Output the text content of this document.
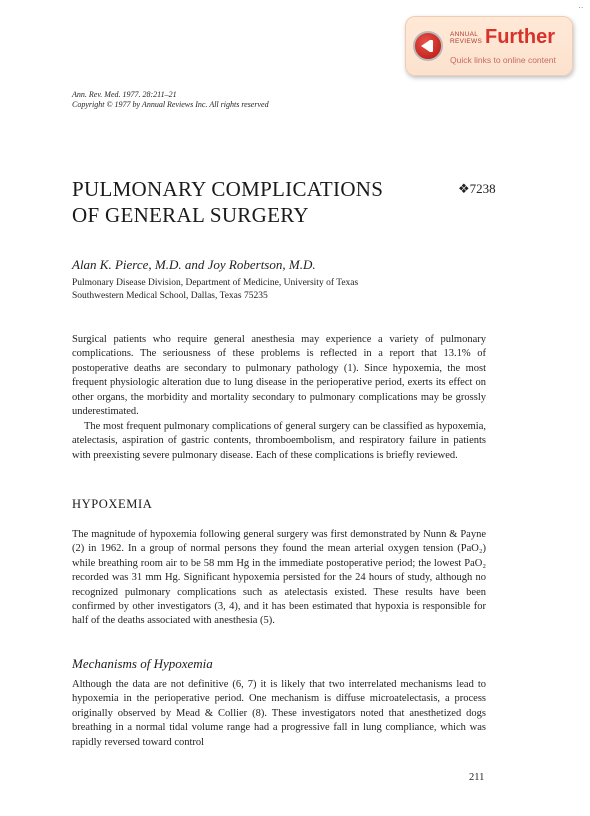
..
ANNUAL
REVIEWS Further
Quick links to online content
Ann. Rev. Med. 1977. 28:211–21
Copyright © 1977 by Annual Reviews Inc. All rights reserved
PULMONARY COMPLICATIONS
OF GENERAL SURGERY
❖7238
Alan K. Pierce, M.D. and Joy Robertson, M.D.
Pulmonary Disease Division, Department of Medicine, University of Texas
Southwestern Medical School, Dallas, Texas 75235

Surgical patients who require general anesthesia may experience a variety of pulmonary complications. The seriousness of these problems is reflected in a report that 13.1% of postoperative deaths are secondary to pulmonary pathology (1). Since hypoxemia, the most frequent physiologic alteration due to lung disease in the perioperative period, exerts its effect on other organs, the morbidity and mortality secondary to pulmonary complications may be grossly underestimated.

The most frequent pulmonary complications of general surgery can be classified as hypoxemia, atelectasis, aspiration of gastric contents, thromboembolism, and respiratory failure in patients with preexisting severe pulmonary disease. Each of these complications is briefly reviewed.

HYPOXEMIA

The magnitude of hypoxemia following general surgery was first demonstrated by Nunn & Payne (2) in 1962. In a group of normal persons they found the mean arterial oxygen tension (PaO₂) while breathing room air to be 58 mm Hg in the immediate postoperative period; the lowest PaO₂ recorded was 31 mm Hg. Significant hypoxemia persisted for the 24 hours of study, although no recognized pulmonary complications such as atelectasis existed. These results have been confirmed by other investigators (3, 4), and it has been estimated that hypoxia is responsible for half of the deaths associated with anesthesia (5).

Mechanisms of Hypoxemia

Although the data are not definitive (6, 7) it is likely that two interrelated mechanisms lead to hypoxemia in the perioperative period. One mechanism is diffuse microatelectasis, a process originally observed by Mead & Collier (8). These investigators noted that anesthetized dogs breathing in a normal tidal volume range had a progressive fall in lung compliance, which was rapidly reversed toward control

211
